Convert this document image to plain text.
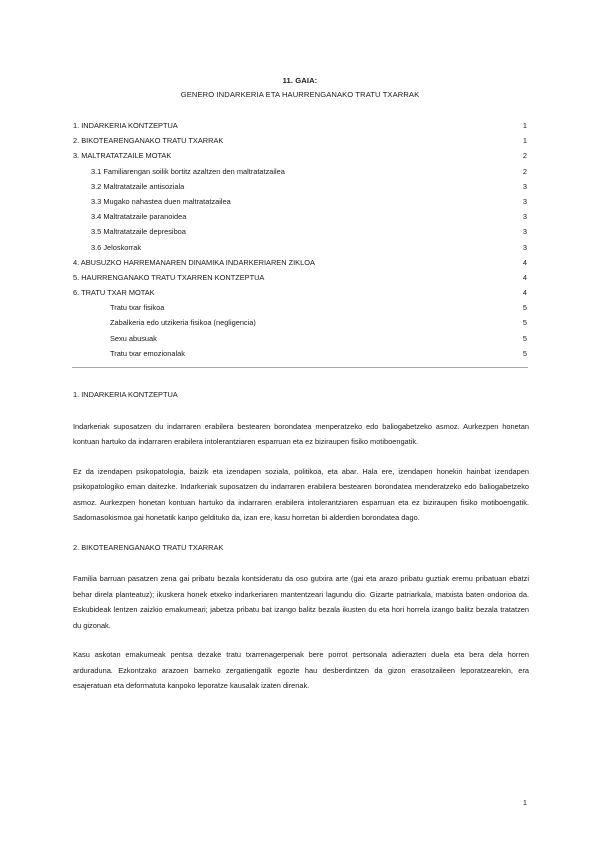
11. GAIA:
GENERO INDARKERIA ETA HAURRENGANAKO TRATU TXARRAK
1. INDARKERIA KONTZEPTUA	1
2. BIKOTEARENGANAKO TRATU TXARRAK	1
3. MALTRATATZAILE MOTAK	2
3.1 Familiarengan soilik bortitz azaltzen den maltratatzailea	2
3.2 Maltratatzaile antisoziala	3
3.3 Mugako nahastea duen maltratatzailea	3
3.4 Maltratatzaile paranoidea	3
3.5 Maltratatzaile depresiboa	3
3.6 Jeloskorrak	3
4. ABUSUZKO HARREMANAREN DINAMIKA INDARKERIAREN ZIKLOA	4
5. HAURRENGANAKO TRATU TXARREN KONTZEPTUA	4
6. TRATU TXAR MOTAK	4
Tratu txar fisikoa	5
Zabalkeria edo utzikeria fisikoa (negligencia)	5
Sexu abusuak	5
Tratu txar emozionalak	5
1. INDARKERIA KONTZEPTUA

Indarkeriak suposatzen du indarraren erabilera bestearen borondatea menperatzeko edo baliogabetzeko asmoz. Aurkezpen honetan kontuan hartuko da indarraren erabilera intolerantziaren esparruan eta ez biziraupen fisiko motiboengatik.

Ez da izendapen psikopatologia, baizik eta izendapen soziala, politikoa, eta abar. Hala ere, izendapen honekin hainbat izendapen psikopatologiko eman daitezke. Indarkeriak suposatzen du indarraren erabilera bestearen borondatea menderatzeko edo baliogabetzeko asmoz. Aurkezpen honetan kontuan hartuko da indarraren erabilera intolerantziaren esparruan eta ez biziraupen fisiko motiboengatik. Sadomasokismoa gai honetatik kanpo geldituko da, izan ere, kasu horretan bi alderdien borondatea dago.

2. BIKOTEARENGANAKO TRATU TXARRAK

Familia barruan pasatzen zena gai pribatu bezala kontsideratu da oso gutxira arte (gai eta arazo pribatu guztiak eremu pribatuan ebatzi behar direla planteatuz); ikuskera honek etxeko indarkeriaren mantentzeari lagundu dio. Gizarte patriarkala, matxista baten ondorioa da. Eskubideak lentzen zaizkio emakumeari; jabetza pribatu bat izango balitz bezala ikusten du eta hori horrela izango balitz bezala tratatzen du gizonak.

Kasu askotan emakumeak pentsa dezake tratu txarrenagerpenak bere porrot pertsonala adierazten duela eta bera dela horren arduraduna. Ezkontzako arazoen barneko zergatiengatik egozte hau desberdintzen da gizon erasotzaileen leporatzearekin, era esajeratuan eta deformatuta kanpoko leporatze kausalak izaten direnak.

1
